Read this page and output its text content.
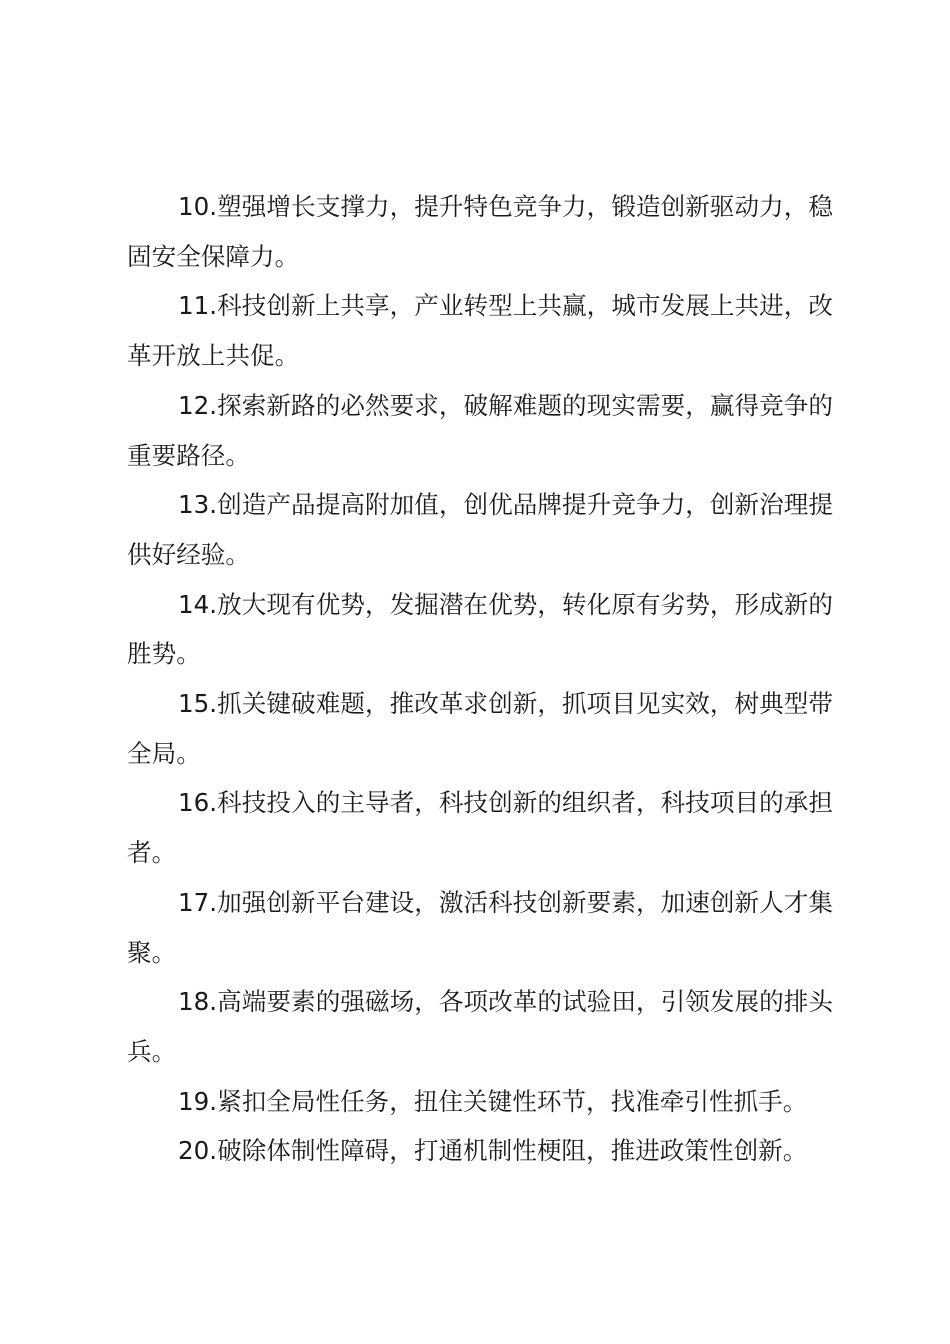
10.塑强增长支撑力，提升特色竞争力，锻造创新驱动力，稳固安全保障力。

11.科技创新上共享，产业转型上共赢，城市发展上共进，改革开放上共促。

12.探索新路的必然要求，破解难题的现实需要，赢得竞争的重要路径。

13.创造产品提高附加值，创优品牌提升竞争力，创新治理提供好经验。

14.放大现有优势，发掘潜在优势，转化原有劣势，形成新的胜势。

15.抓关键破难题，推改革求创新，抓项目见实效，树典型带全局。

16.科技投入的主导者，科技创新的组织者，科技项目的承担者。

17.加强创新平台建设，激活科技创新要素，加速创新人才集聚。

18.高端要素的强磁场，各项改革的试验田，引领发展的排头兵。

19.紧扣全局性任务，扭住关键性环节，找准牵引性抓手。

20.破除体制性障碍，打通机制性梗阻，推进政策性创新。
